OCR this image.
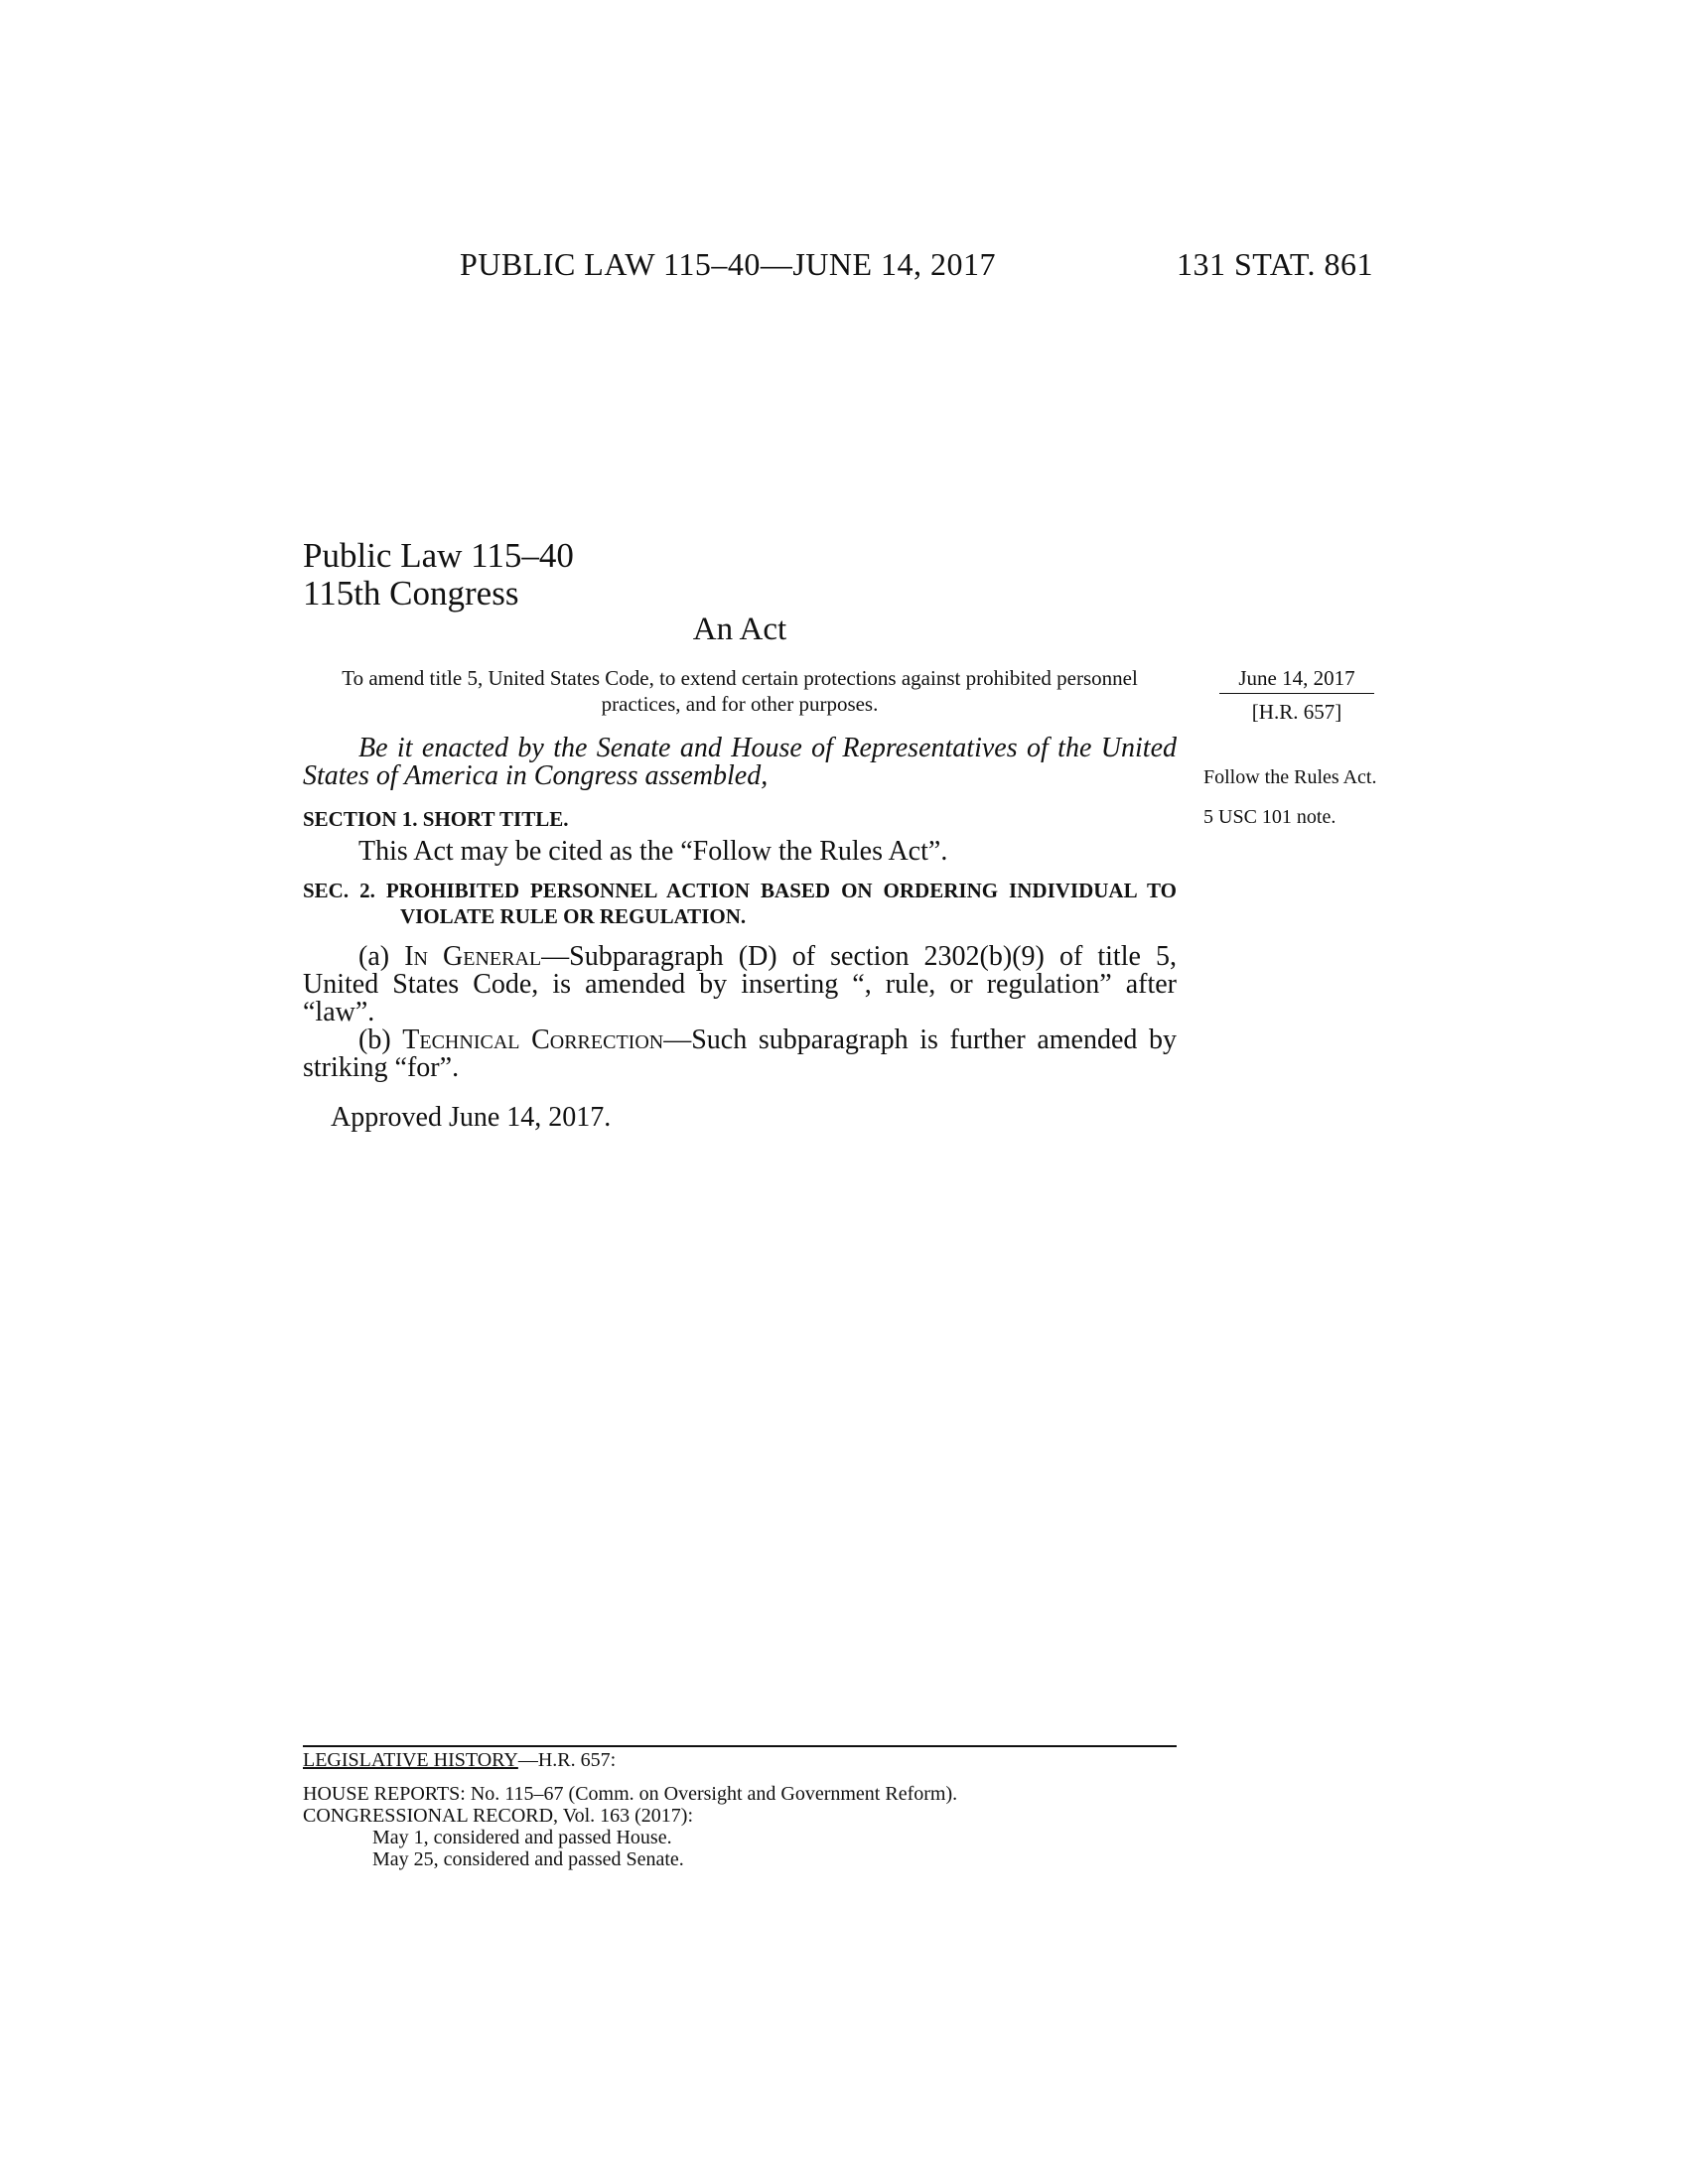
PUBLIC LAW 115–40—JUNE 14, 2017	131 STAT. 861
Public Law 115–40
115th Congress
An Act
To amend title 5, United States Code, to extend certain protections against prohibited personnel practices, and for other purposes.
June 14, 2017
[H.R. 657]
Follow the Rules Act.
5 USC 101 note.
Be it enacted by the Senate and House of Representatives of the United States of America in Congress assembled,
SECTION 1. SHORT TITLE.
This Act may be cited as the “Follow the Rules Act”.
SEC. 2. PROHIBITED PERSONNEL ACTION BASED ON ORDERING INDIVIDUAL TO VIOLATE RULE OR REGULATION.
(a) In General—Subparagraph (D) of section 2302(b)(9) of title 5, United States Code, is amended by inserting “, rule, or regulation” after “law”.
(b) Technical Correction—Such subparagraph is further amended by striking “for”.
Approved June 14, 2017.
LEGISLATIVE HISTORY—H.R. 657:
HOUSE REPORTS: No. 115–67 (Comm. on Oversight and Government Reform).
CONGRESSIONAL RECORD, Vol. 163 (2017):
May 1, considered and passed House.
May 25, considered and passed Senate.
